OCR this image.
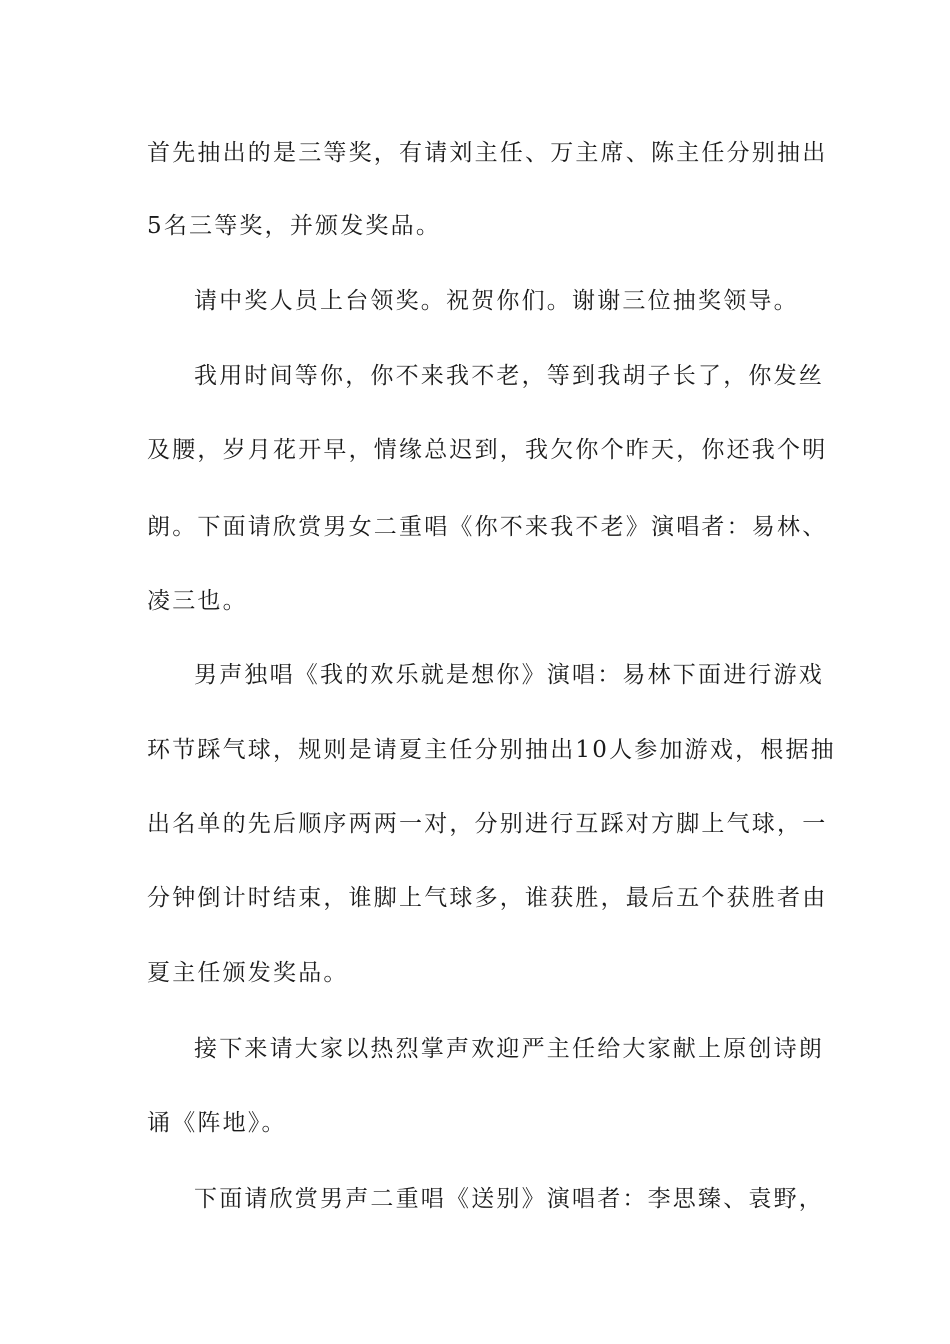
首先抽出的是三等奖，有请刘主任、万主席、陈主任分别抽出
5名三等奖，并颁发奖品。
请中奖人员上台领奖。祝贺你们。谢谢三位抽奖领导。
我用时间等你，你不来我不老，等到我胡子长了，你发丝
及腰，岁月花开早，情缘总迟到，我欠你个昨天，你还我个明
朗。下面请欣赏男女二重唱《你不来我不老》演唱者：易林、
凌三也。
男声独唱《我的欢乐就是想你》演唱：易林下面进行游戏
环节踩气球，规则是请夏主任分别抽出10人参加游戏，根据抽
出名单的先后顺序两两一对，分别进行互踩对方脚上气球，一
分钟倒计时结束，谁脚上气球多，谁获胜，最后五个获胜者由
夏主任颁发奖品。
接下来请大家以热烈掌声欢迎严主任给大家献上原创诗朗
诵《阵地》。
下面请欣赏男声二重唱《送别》演唱者：李思臻、袁野，
